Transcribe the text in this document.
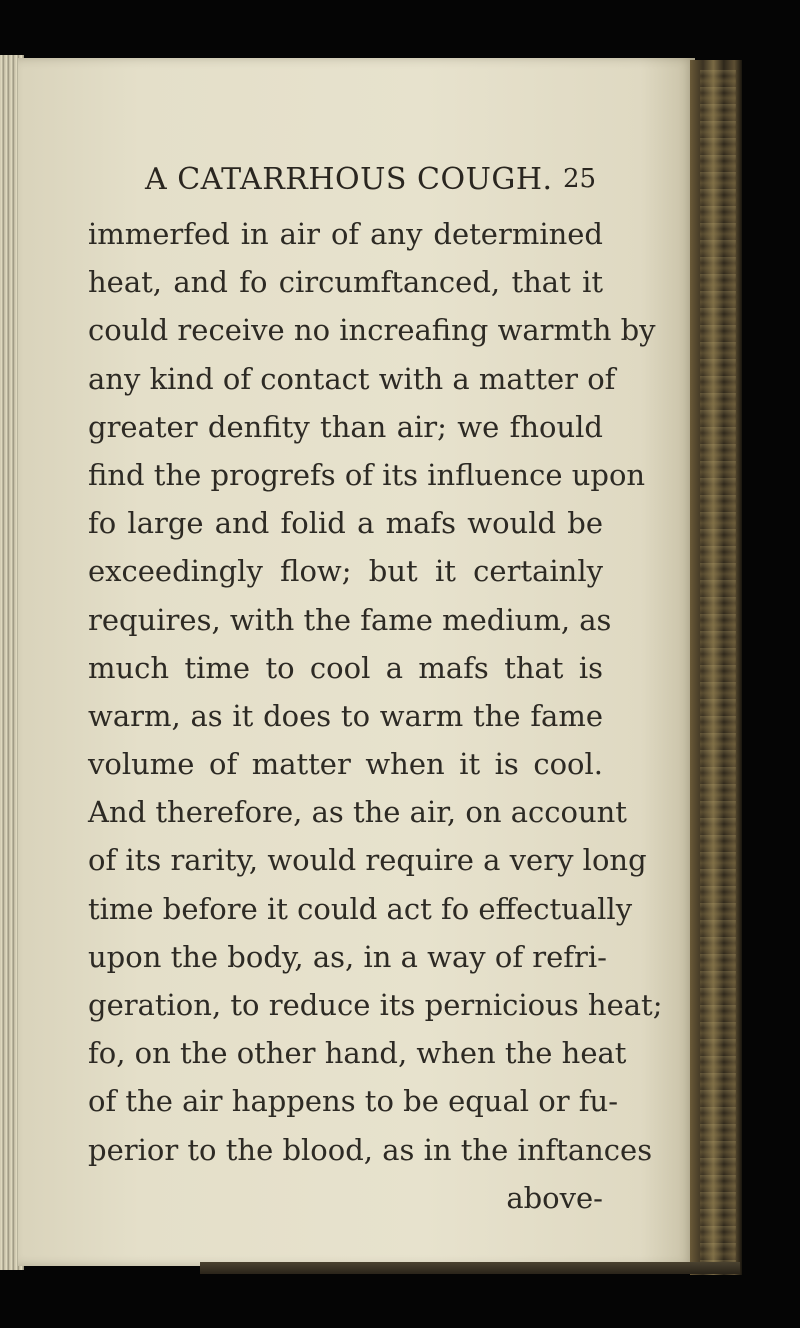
A CATARRHOUS COUGH. 25
immerfed in air of any determined
heat, and fo circumftanced, that it
could receive no increafing warmth by
any kind of contact with a matter of
greater denfity than air; we fhould
find the progrefs of its influence upon
fo large and folid a mafs would be
exceedingly flow; but it certainly
requires, with the fame medium, as
much time to cool a mafs that is
warm, as it does to warm the fame
volume of matter when it is cool.
And therefore, as the air, on account
of its rarity, would require a very long
time before it could act fo effectually
upon the body, as, in a way of refri-
geration, to reduce its pernicious heat;
fo, on the other hand, when the heat
of the air happens to be equal or fu-
perior to the blood, as in the inftances
above-
